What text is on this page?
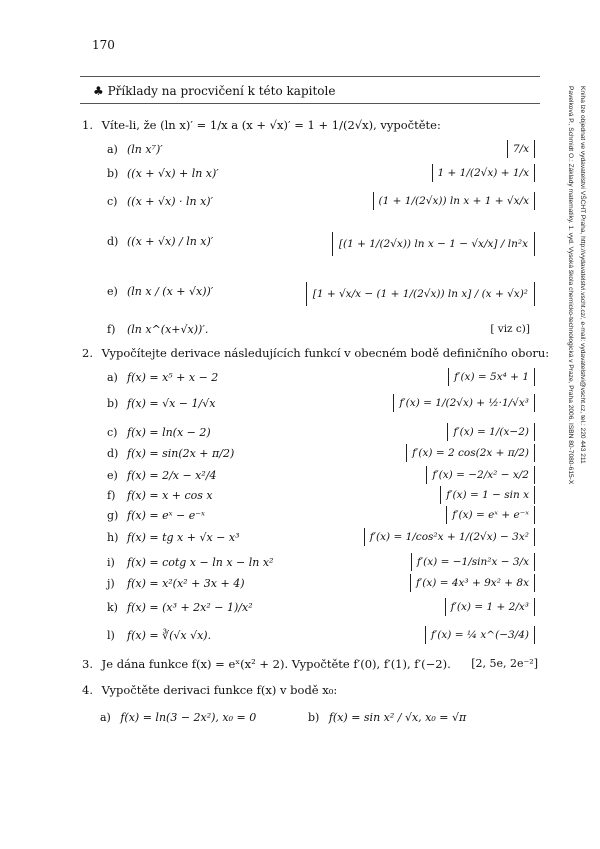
170
♣ Příklady na procvičení k této kapitole	Pavelková P., Schmidt O.: Základy matematiky. 1. vyd. Vysoká škola chemicko-technologická v Praze, Praha 2006. ISBN 80-7080-615-X Kniha lze objednat ve vydavatelství VŠCHT Praha, http://vydavatelstvi.vscht.cz/, e-mail: vydavatelstvi@vscht.cz, tel.: 220 443 211
1. Víte-li, že (ln x)′ = 1/x a (x + √x)′ = 1 + 1/(2√x), vypočtěte:
a) (ln x⁷)′	7/x
b) ((x + √x) + ln x)′	1 + 1/(2√x) + 1/x
c) ((x + √x) · ln x)′	(1 + 1/(2√x)) ln x + 1 + √x/x
d) ((x + √x) / ln x)′	[(1 + 1/(2√x)) ln x − 1 − √x/x] / ln²x
e) (ln x / (x + √x))′	[1 + √x/x − (1 + 1/(2√x)) ln x] / (x + √x)²
f)	(ln x^(x+√x))′.	[ viz c)]
2. Vypočítejte derivace následujících funkcí v obecném bodě definičního oboru:
a) f(x) = x⁵ + x − 2	f′(x) = 5x⁴ + 1
b) f(x) = √x − 1/√x	f′(x) = 1/(2√x) + ½·1/√x³
c) f(x) = ln(x − 2)	f′(x) = 1/(x−2)
d) f(x) = sin(2x + π/2)	f′(x) = 2 cos(2x + π/2)
e) f(x) = 2/x − x²/4	f′(x) = −2/x² − x/2
f)	f(x) = x + cos x	f′(x) = 1 − sin x
g) f(x) = eˣ − e⁻ˣ	f′(x) = eˣ + e⁻ˣ
h) f(x) = tg x + √x − x³	f′(x) = 1/cos²x + 1/(2√x) − 3x²
i)	f(x) = cotg x − ln x − ln x²	f′(x) = −1/sin²x − 3/x
j)	f(x) = x²(x² + 3x + 4)	f′(x) = 4x³ + 9x² + 8x
k) f(x) = (x³ + 2x² − 1)/x²	f′(x) = 1 + 2/x³
l)	f(x) = ∛(√x √x).	f′(x) = ¼ x^(−3/4)
3. Je dána funkce f(x) = eˣ(x² + 2). Vypočtěte f′(0), f′(1), f′(−2). [2, 5e, 2e⁻²]
4. Vypočtěte derivaci funkce f(x) v bodě x₀:
a) f(x) = ln(3 − 2x²), x₀ = 0	b) f(x) = sin x² / √x, x₀ = √π
